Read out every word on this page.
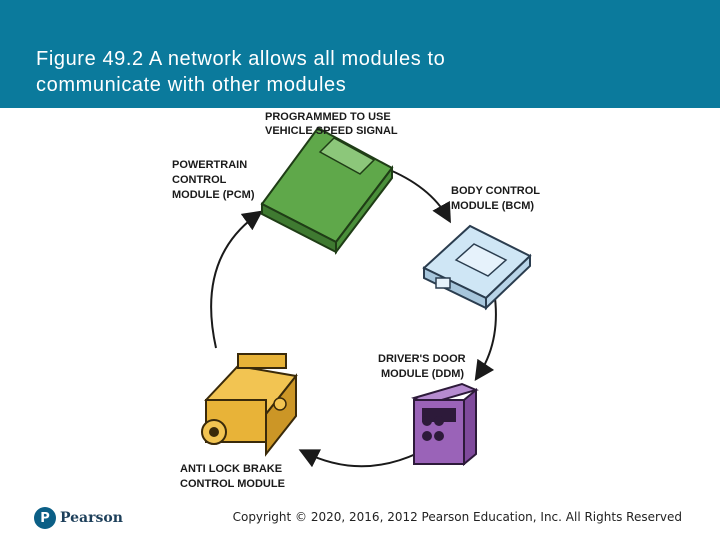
Figure 49.2 A network allows all modules to
communicate with other modules
PROGRAMMED TO USE
VEHICLE SPEED SIGNAL
POWERTRAIN
CONTROL
MODULE (PCM)	BODY CONTROL
MODULE (BCM)
DRIVER'S DOOR
MODULE (DDM)
ANTI LOCK BRAKE
CONTROL MODULE
P Pearson	Copyright © 2020, 2016, 2012 Pearson Education, Inc. All Rights Reserved
